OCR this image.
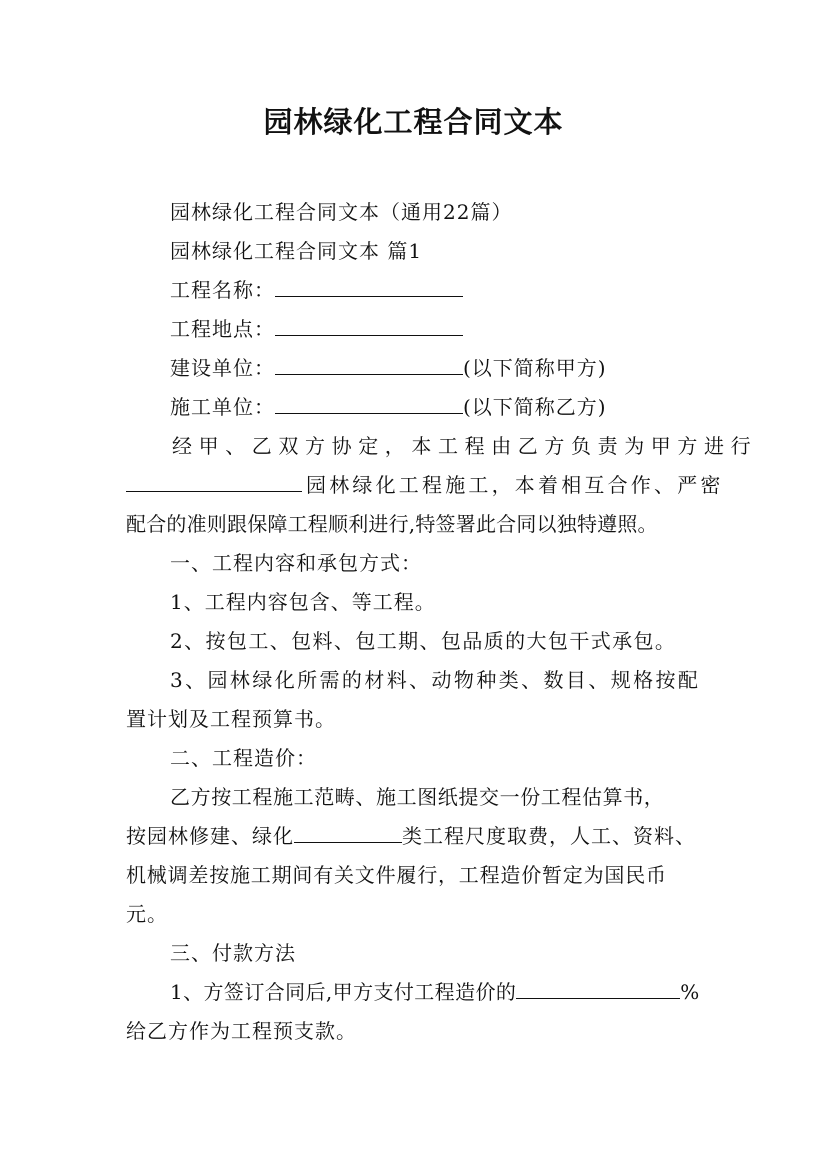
园林绿化工程合同文本
园林绿化工程合同文本（通用22篇）
园林绿化工程合同文本 篇1
工程名称：
工程地点：
建设单位：	(以下简称甲方)
施工单位：	(以下简称乙方)
经甲、乙双方协定，本工程由乙方负责为甲方进行
园林绿化工程施工，本着相互合作、严密
配合的准则跟保障工程顺利进行,特签署此合同以独特遵照。
一、工程内容和承包方式：
1、工程内容包含、等工程。
2、按包工、包料、包工期、包品质的大包干式承包。
3、园林绿化所需的材料、动物种类、数目、规格按配
置计划及工程预算书。
二、工程造价：
乙方按工程施工范畴、施工图纸提交一份工程估算书，
按园林修建、绿化	类工程尺度取费，人工、资料、
机械调差按施工期间有关文件履行，工程造价暂定为国民币
元。
三、付款方法
1、方签订合同后,甲方支付工程造价的	%
给乙方作为工程预支款。
